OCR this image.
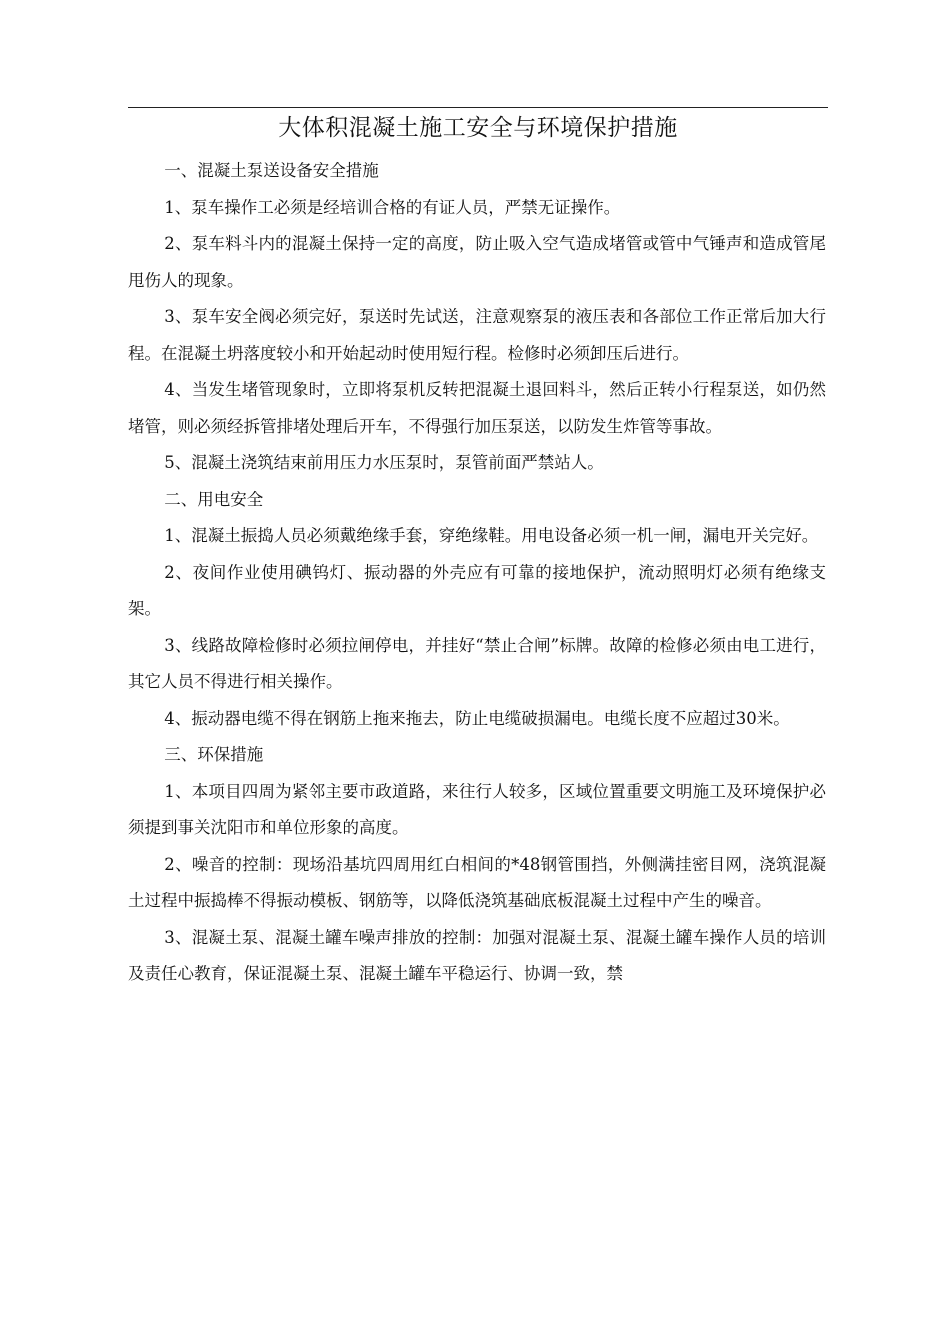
大体积混凝土施工安全与环境保护措施

一、混凝土泵送设备安全措施

1、泵车操作工必须是经培训合格的有证人员，严禁无证操作。

2、泵车料斗内的混凝土保持一定的高度，防止吸入空气造成堵管或管中气锤声和造成管尾甩伤人的现象。

3、泵车安全阀必须完好，泵送时先试送，注意观察泵的液压表和各部位工作正常后加大行程。在混凝土坍落度较小和开始起动时使用短行程。检修时必须卸压后进行。

4、当发生堵管现象时，立即将泵机反转把混凝土退回料斗，然后正转小行程泵送，如仍然堵管，则必须经拆管排堵处理后开车，不得强行加压泵送，以防发生炸管等事故。

5、混凝土浇筑结束前用压力水压泵时，泵管前面严禁站人。

二、用电安全

1、混凝土振捣人员必须戴绝缘手套，穿绝缘鞋。用电设备必须一机一闸，漏电开关完好。

2、夜间作业使用碘钨灯、振动器的外壳应有可靠的接地保护，流动照明灯必须有绝缘支架。

3、线路故障检修时必须拉闸停电，并挂好“禁止合闸”标牌。故障的检修必须由电工进行，其它人员不得进行相关操作。

4、振动器电缆不得在钢筋上拖来拖去，防止电缆破损漏电。电缆长度不应超过30米。

三、环保措施

1、本项目四周为紧邻主要市政道路，来往行人较多，区域位置重要文明施工及环境保护必须提到事关沈阳市和单位形象的高度。

2、噪音的控制：现场沿基坑四周用红白相间的*48钢管围挡，外侧满挂密目网，浇筑混凝土过程中振捣棒不得振动模板、钢筋等，以降低浇筑基础底板混凝土过程中产生的噪音。

3、混凝土泵、混凝土罐车噪声排放的控制：加强对混凝土泵、混凝土罐车操作人员的培训及责任心教育，保证混凝土泵、混凝土罐车平稳运行、协调一致，禁
